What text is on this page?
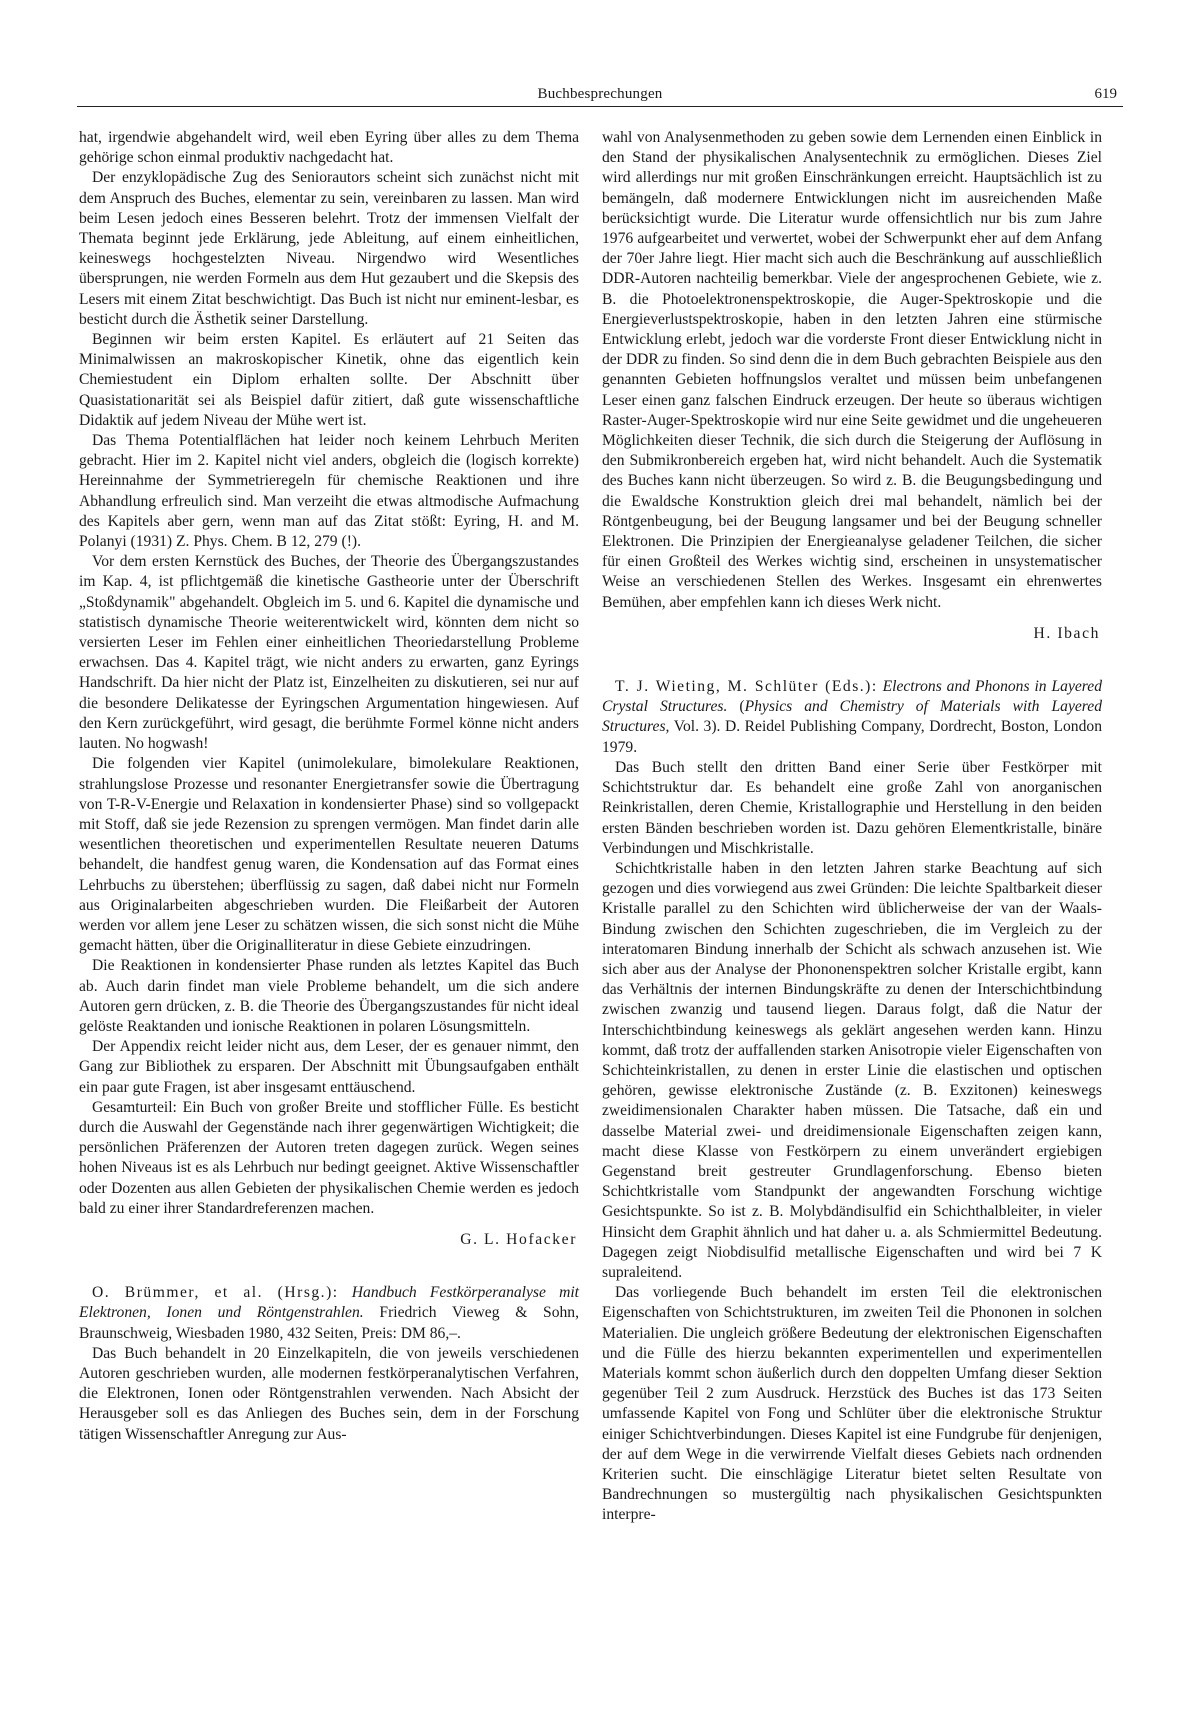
Buchbesprechungen	619

hat, irgendwie abgehandelt wird, weil eben Eyring über alles zu dem Thema gehörige schon einmal produktiv nachgedacht hat.

Der enzyklopädische Zug des Seniorautors scheint sich zunächst nicht mit dem Anspruch des Buches, elementar zu sein, vereinbaren zu lassen. Man wird beim Lesen jedoch eines Besseren belehrt. Trotz der immensen Vielfalt der Themata beginnt jede Erklärung, jede Ableitung, auf einem einheitlichen, keineswegs hochgestelzten Niveau. Nirgendwo wird Wesentliches übersprungen, nie werden Formeln aus dem Hut gezaubert und die Skepsis des Lesers mit einem Zitat beschwichtigt. Das Buch ist nicht nur eminent-lesbar, es besticht durch die Ästhetik seiner Darstellung.

Beginnen wir beim ersten Kapitel. Es erläutert auf 21 Seiten das Minimalwissen an makroskopischer Kinetik, ohne das eigentlich kein Chemiestudent ein Diplom erhalten sollte. Der Abschnitt über Quasistationarität sei als Beispiel dafür zitiert, daß gute wissenschaftliche Didaktik auf jedem Niveau der Mühe wert ist.

Das Thema Potentialflächen hat leider noch keinem Lehrbuch Meriten gebracht. Hier im 2. Kapitel nicht viel anders, obgleich die (logisch korrekte) Hereinnahme der Symmetrieregeln für chemische Reaktionen und ihre Abhandlung erfreulich sind. Man verzeiht die etwas altmodische Aufmachung des Kapitels aber gern, wenn man auf das Zitat stößt: Eyring, H. and M. Polanyi (1931) Z. Phys. Chem. B 12, 279 (!).

Vor dem ersten Kernstück des Buches, der Theorie des Übergangszustandes im Kap. 4, ist pflichtgemäß die kinetische Gastheorie unter der Überschrift „Stoßdynamik" abgehandelt. Obgleich im 5. und 6. Kapitel die dynamische und statistisch dynamische Theorie weiterentwickelt wird, könnten dem nicht so versierten Leser im Fehlen einer einheitlichen Theoriedarstellung Probleme erwachsen. Das 4. Kapitel trägt, wie nicht anders zu erwarten, ganz Eyrings Handschrift. Da hier nicht der Platz ist, Einzelheiten zu diskutieren, sei nur auf die besondere Delikatesse der Eyringschen Argumentation hingewiesen. Auf den Kern zurückgeführt, wird gesagt, die berühmte Formel könne nicht anders lauten. No hogwash!

Die folgenden vier Kapitel (unimolekulare, bimolekulare Reaktionen, strahlungslose Prozesse und resonanter Energietransfer sowie die Übertragung von T-R-V-Energie und Relaxation in kondensierter Phase) sind so vollgepackt mit Stoff, daß sie jede Rezension zu sprengen vermögen. Man findet darin alle wesentlichen theoretischen und experimentellen Resultate neueren Datums behandelt, die handfest genug waren, die Kondensation auf das Format eines Lehrbuchs zu überstehen; überflüssig zu sagen, daß dabei nicht nur Formeln aus Originalarbeiten abgeschrieben wurden. Die Fleißarbeit der Autoren werden vor allem jene Leser zu schätzen wissen, die sich sonst nicht die Mühe gemacht hätten, über die Originalliteratur in diese Gebiete einzudringen.

Die Reaktionen in kondensierter Phase runden als letztes Kapitel das Buch ab. Auch darin findet man viele Probleme behandelt, um die sich andere Autoren gern drücken, z. B. die Theorie des Übergangszustandes für nicht ideal gelöste Reaktanden und ionische Reaktionen in polaren Lösungsmitteln.

Der Appendix reicht leider nicht aus, dem Leser, der es genauer nimmt, den Gang zur Bibliothek zu ersparen. Der Abschnitt mit Übungsaufgaben enthält ein paar gute Fragen, ist aber insgesamt enttäuschend.

Gesamturteil: Ein Buch von großer Breite und stofflicher Fülle. Es besticht durch die Auswahl der Gegenstände nach ihrer gegenwärtigen Wichtigkeit; die persönlichen Präferenzen der Autoren treten dagegen zurück. Wegen seines hohen Niveaus ist es als Lehrbuch nur bedingt geeignet. Aktive Wissenschaftler oder Dozenten aus allen Gebieten der physikalischen Chemie werden es jedoch bald zu einer ihrer Standardreferenzen machen.

G. L. Hofacker

O. Brümmer, et al. (Hrsg.): Handbuch Festkörperanalyse mit Elektronen, Ionen und Röntgenstrahlen. Friedrich Vieweg & Sohn, Braunschweig, Wiesbaden 1980, 432 Seiten, Preis: DM 86,–.

Das Buch behandelt in 20 Einzelkapiteln, die von jeweils verschiedenen Autoren geschrieben wurden, alle modernen festkörperanalytischen Verfahren, die Elektronen, Ionen oder Röntgenstrahlen verwenden. Nach Absicht der Herausgeber soll es das Anliegen des Buches sein, dem in der Forschung tätigen Wissenschaftler Anregung zur Aus-

wahl von Analysenmethoden zu geben sowie dem Lernenden einen Einblick in den Stand der physikalischen Analysentechnik zu ermöglichen. Dieses Ziel wird allerdings nur mit großen Einschränkungen erreicht. Hauptsächlich ist zu bemängeln, daß modernere Entwicklungen nicht im ausreichenden Maße berücksichtigt wurde. Die Literatur wurde offensichtlich nur bis zum Jahre 1976 aufgearbeitet und verwertet, wobei der Schwerpunkt eher auf dem Anfang der 70er Jahre liegt. Hier macht sich auch die Beschränkung auf ausschließlich DDR-Autoren nachteilig bemerkbar. Viele der angesprochenen Gebiete, wie z. B. die Photoelektronenspektroskopie, die Auger-Spektroskopie und die Energieverlustspektroskopie, haben in den letzten Jahren eine stürmische Entwicklung erlebt, jedoch war die vorderste Front dieser Entwicklung nicht in der DDR zu finden. So sind denn die in dem Buch gebrachten Beispiele aus den genannten Gebieten hoffnungslos veraltet und müssen beim unbefangenen Leser einen ganz falschen Eindruck erzeugen. Der heute so überaus wichtigen Raster-Auger-Spektroskopie wird nur eine Seite gewidmet und die ungeheueren Möglichkeiten dieser Technik, die sich durch die Steigerung der Auflösung in den Submikronbereich ergeben hat, wird nicht behandelt. Auch die Systematik des Buches kann nicht überzeugen. So wird z. B. die Beugungsbedingung und die Ewaldsche Konstruktion gleich drei mal behandelt, nämlich bei der Röntgenbeugung, bei der Beugung langsamer und bei der Beugung schneller Elektronen. Die Prinzipien der Energieanalyse geladener Teilchen, die sicher für einen Großteil des Werkes wichtig sind, erscheinen in unsystematischer Weise an verschiedenen Stellen des Werkes. Insgesamt ein ehrenwertes Bemühen, aber empfehlen kann ich dieses Werk nicht.

H. Ibach

T. J. Wieting, M. Schlüter (Eds.): Electrons and Phonons in Layered Crystal Structures. (Physics and Chemistry of Materials with Layered Structures, Vol. 3). D. Reidel Publishing Company, Dordrecht, Boston, London 1979.

Das Buch stellt den dritten Band einer Serie über Festkörper mit Schichtstruktur dar. Es behandelt eine große Zahl von anorganischen Reinkristallen, deren Chemie, Kristallographie und Herstellung in den beiden ersten Bänden beschrieben worden ist. Dazu gehören Elementkristalle, binäre Verbindungen und Mischkristalle.

Schichtkristalle haben in den letzten Jahren starke Beachtung auf sich gezogen und dies vorwiegend aus zwei Gründen: Die leichte Spaltbarkeit dieser Kristalle parallel zu den Schichten wird üblicherweise der van der Waals-Bindung zwischen den Schichten zugeschrieben, die im Vergleich zu der interatomaren Bindung innerhalb der Schicht als schwach anzusehen ist. Wie sich aber aus der Analyse der Phononenspektren solcher Kristalle ergibt, kann das Verhältnis der internen Bindungskräfte zu denen der Interschichtbindung zwischen zwanzig und tausend liegen. Daraus folgt, daß die Natur der Interschichtbindung keineswegs als geklärt angesehen werden kann. Hinzu kommt, daß trotz der auffallenden starken Anisotropie vieler Eigenschaften von Schichteinkristallen, zu denen in erster Linie die elastischen und optischen gehören, gewisse elektronische Zustände (z. B. Exzitonen) keineswegs zweidimensionalen Charakter haben müssen. Die Tatsache, daß ein und dasselbe Material zwei- und dreidimensionale Eigenschaften zeigen kann, macht diese Klasse von Festkörpern zu einem unverändert ergiebigen Gegenstand breit gestreuter Grundlagenforschung. Ebenso bieten Schichtkristalle vom Standpunkt der angewandten Forschung wichtige Gesichtspunkte. So ist z. B. Molybdändisulfid ein Schichthalbleiter, in vieler Hinsicht dem Graphit ähnlich und hat daher u. a. als Schmiermittel Bedeutung. Dagegen zeigt Niobdisulfid metallische Eigenschaften und wird bei 7 K supraleitend.

Das vorliegende Buch behandelt im ersten Teil die elektronischen Eigenschaften von Schichtstrukturen, im zweiten Teil die Phononen in solchen Materialien. Die ungleich größere Bedeutung der elektronischen Eigenschaften und die Fülle des hierzu bekannten experimentellen und experimentellen Materials kommt schon äußerlich durch den doppelten Umfang dieser Sektion gegenüber Teil 2 zum Ausdruck. Herzstück des Buches ist das 173 Seiten umfassende Kapitel von Fong und Schlüter über die elektronische Struktur einiger Schichtverbindungen. Dieses Kapitel ist eine Fundgrube für denjenigen, der auf dem Wege in die verwirrende Vielfalt dieses Gebiets nach ordnenden Kriterien sucht. Die einschlägige Literatur bietet selten Resultate von Bandrechnungen so mustergültig nach physikalischen Gesichtspunkten interpre-
